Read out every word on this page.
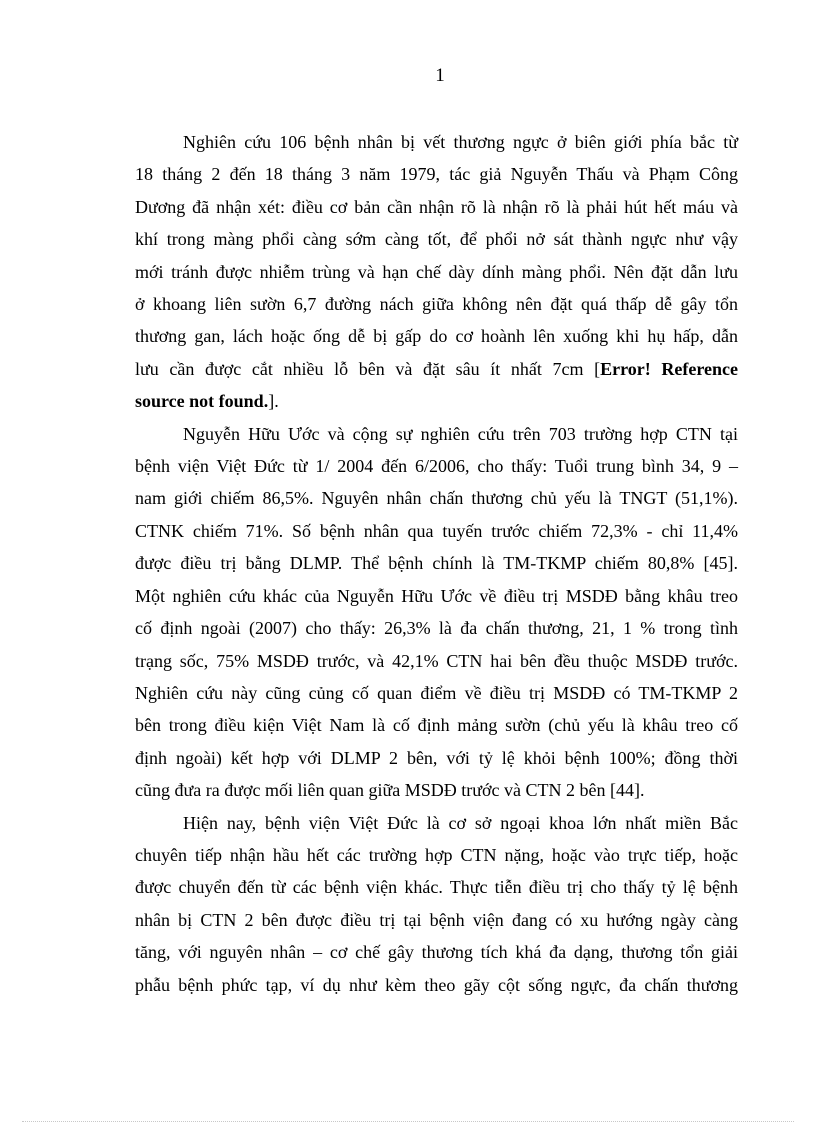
1

Nghiên cứu 106 bệnh nhân bị vết thương ngực ở biên giới phía bắc từ
18 tháng 2 đến 18 tháng 3 năm 1979, tác giả Nguyễn Thấu và Phạm Công
Dương đã nhận xét: điều cơ bản cần nhận rõ là nhận rõ là phải hút hết máu và
khí trong màng phổi càng sớm càng tốt, để phổi nở sát thành ngực như vậy
mới tránh được nhiễm trùng và hạn chế dày dính màng phổi. Nên đặt dẫn lưu
ở khoang liên sườn 6,7 đường nách giữa không nên đặt quá thấp dễ gây tổn
thương gan, lách hoặc ống dễ bị gấp do cơ hoành lên xuống khi hụ hấp, dẫn
lưu cần được cắt nhiều lỗ bên và đặt sâu ít nhất 7cm [Error! Reference
source not found.].

Nguyễn Hữu Ước và cộng sự nghiên cứu trên 703 trường hợp CTN tại
bệnh viện Việt Đức từ 1/ 2004 đến 6/2006, cho thấy: Tuổi trung bình 34, 9 –
nam giới chiếm 86,5%. Nguyên nhân chấn thương chủ yếu là TNGT (51,1%).
CTNK chiếm 71%. Số bệnh nhân qua tuyến trước chiếm 72,3% - chỉ 11,4%
được điều trị bằng DLMP. Thể bệnh chính là TM-TKMP chiếm 80,8% [45].
Một nghiên cứu khác của Nguyễn Hữu Ước về điều trị MSDĐ bằng khâu treo
cố định ngoài (2007) cho thấy: 26,3% là đa chấn thương, 21, 1 % trong tình
trạng sốc, 75% MSDĐ trước, và 42,1% CTN hai bên đều thuộc MSDĐ trước.
Nghiên cứu này cũng củng cố quan điểm về điều trị MSDĐ có TM-TKMP 2
bên trong điều kiện Việt Nam là cố định mảng sườn (chủ yếu là khâu treo cố
định ngoài) kết hợp với DLMP 2 bên, với tỷ lệ khỏi bệnh 100%; đồng thời
cũng đưa ra được mối liên quan giữa MSDĐ trước và CTN 2 bên [44].

Hiện nay, bệnh viện Việt Đức là cơ sở ngoại khoa lớn nhất miền Bắc
chuyên tiếp nhận hầu hết các trường hợp CTN nặng, hoặc vào trực tiếp, hoặc
được chuyển đến từ các bệnh viện khác. Thực tiễn điều trị cho thấy tỷ lệ bệnh
nhân bị CTN 2 bên được điều trị tại bệnh viện đang có xu hướng ngày càng
tăng, với nguyên nhân – cơ chế gây thương tích khá đa dạng, thương tổn giải
phẫu bệnh phức tạp, ví dụ như kèm theo gãy cột sống ngực, đa chấn thương
